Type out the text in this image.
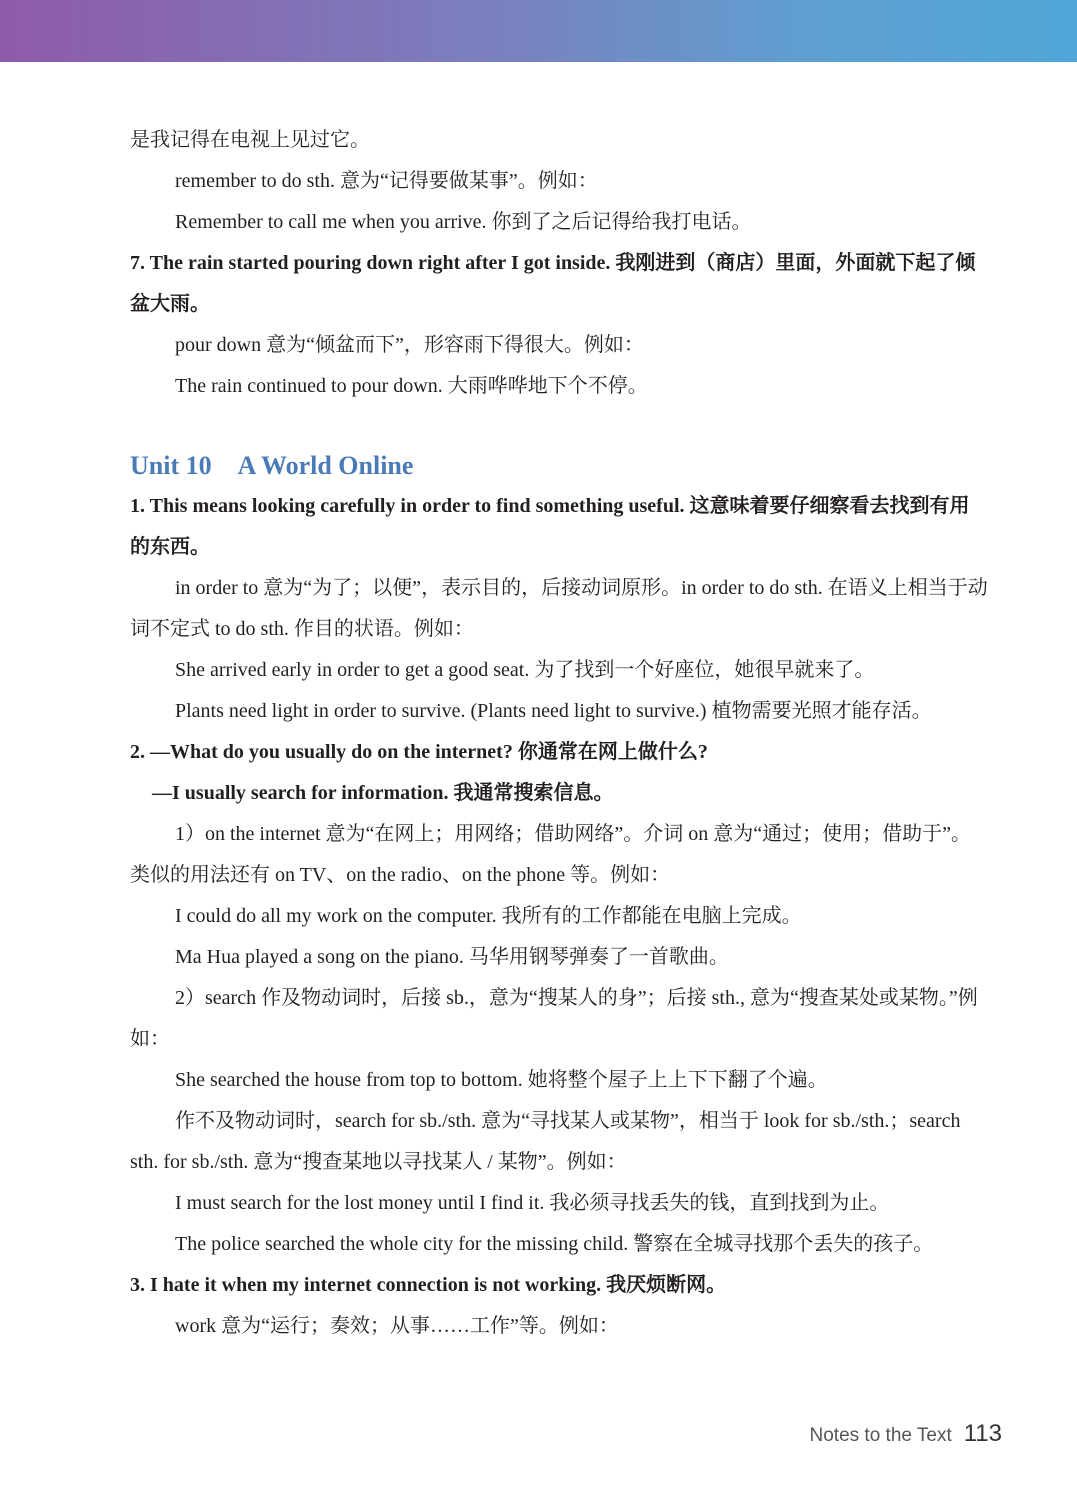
是我记得在电视上见过它。

remember to do sth. 意为“记得要做某事”。例如：

Remember to call me when you arrive. 你到了之后记得给我打电话。

7. The rain started pouring down right after I got inside. 我刚进到（商店）里面，外面就下起了倾盆大雨。

pour down 意为“倾盆而下”，形容雨下得很大。例如：

The rain continued to pour down. 大雨哗哗地下个不停。

Unit 10 A World Online

1. This means looking carefully in order to find something useful. 这意味着要仔细察看去找到有用的东西。

in order to 意为“为了；以便”，表示目的，后接动词原形。in order to do sth. 在语义上相当于动词不定式 to do sth. 作目的状语。例如：

She arrived early in order to get a good seat. 为了找到一个好座位，她很早就来了。

Plants need light in order to survive. (Plants need light to survive.) 植物需要光照才能存活。

2. —What do you usually do on the internet? 你通常在网上做什么?

—I usually search for information. 我通常搜索信息。

1）on the internet 意为“在网上；用网络；借助网络”。介词 on 意为“通过；使用；借助于”。类似的用法还有 on TV、on the radio、on the phone 等。例如：

I could do all my work on the computer. 我所有的工作都能在电脑上完成。

Ma Hua played a song on the piano. 马华用钢琴弹奏了一首歌曲。

2）search 作及物动词时，后接 sb.，意为“搜某人的身”；后接 sth., 意为“搜查某处或某物。”例如：

She searched the house from top to bottom. 她将整个屋子上上下下翻了个遍。

作不及物动词时，search for sb./sth. 意为“寻找某人或某物”，相当于 look for sb./sth.；search sth. for sb./sth. 意为“搜查某地以寻找某人 / 某物”。例如：

I must search for the lost money until I find it. 我必须寻找丢失的钱，直到找到为止。

The police searched the whole city for the missing child. 警察在全城寻找那个丢失的孩子。

3. I hate it when my internet connection is not working. 我厌烦断网。

work 意为“运行；奏效；从事……工作”等。例如：

Notes to the Text 113
